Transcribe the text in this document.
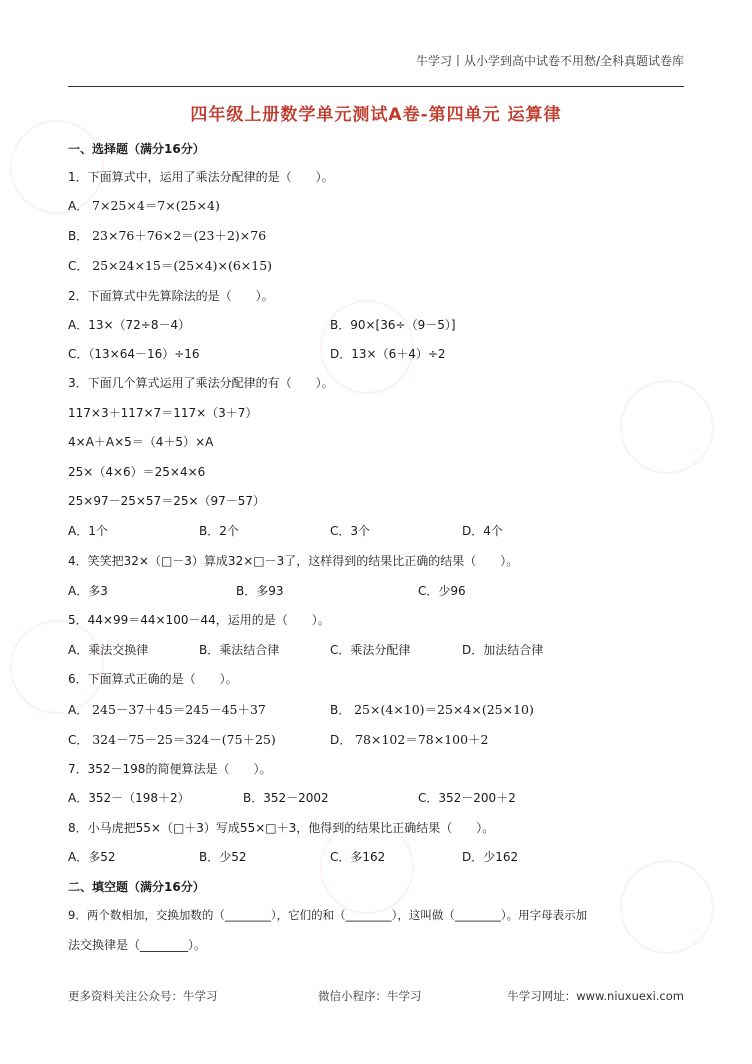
牛学习丨从小学到高中试卷不用愁/全科真题试卷库
四年级上册数学单元测试A卷-第四单元 运算律
一、选择题（满分16分）
1．下面算式中，运用了乘法分配律的是（　　）。
A． 7×25×4＝7×(25×4)
B． 23×76＋76×2＝(23＋2)×76
C． 25×24×15＝(25×4)×(6×15)
2．下面算式中先算除法的是（　　）。
A．13×（72÷8－4）	B．90×[36÷（9－5）]
C．（13×64－16）÷16	D．13×（6＋4）÷2
3．下面几个算式运用了乘法分配律的有（　　）。
117×3＋117×7＝117×（3＋7）
4×A＋A×5＝（4＋5）×A
25×（4×6）＝25×4×6
25×97－25×57＝25×（97－57）
A．1个	B．2个	C．3个	D．4个
4．笑笑把32×（□－3）算成32×□－3了，这样得到的结果比正确的结果（　　）。
A．多3	B．多93	C．少96
5．44×99＝44×100－44，运用的是（　　）。
A．乘法交换律	B．乘法结合律	C．乘法分配律	D．加法结合律
6．下面算式正确的是（　　）。
A． 245－37＋45＝245－45＋37	B． 25×(4×10)＝25×4×(25×10)
C． 324－75－25＝324－(75＋25)	D． 78×102＝78×100＋2
7．352－198的简便算法是（　　）。
A．352－（198＋2）	B．352－2002	C．352－200＋2
8．小马虎把55×（□＋3）写成55×□＋3，他得到的结果比正确结果（　　）。
A．多52	B．少52	C．多162	D．少162
二、填空题（满分16分）
9．两个数相加，交换加数的（________），它们的和（________），这叫做（________）。用字母表示加
法交换律是（________）。
更多资料关注公众号：牛学习	微信小程序：牛学习	牛学习网址：www.niuxuexi.com
